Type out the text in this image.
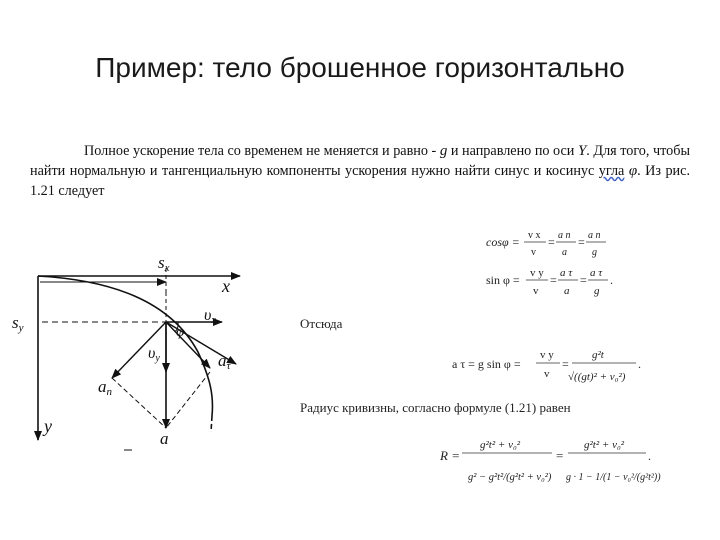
Пример: тело брошенное горизонтально
Полное ускорение тела со временем не меняется и равно - g и направлено по оси Y. Для того, чтобы найти нормальную и тангенциальную компоненты ускорения нужно найти синус и косинус угла φ. Из рис. 1.21 следует
sx
x
sy	φ
υx
υy	aτ
an
y
a
cosφ = v x
v
= a n
a
= a n
g
sin φ = v y
v
= a τ
a
= a τ
g
.
Отсюда
a τ = g sin φ =
v y
v
=
g²t
√((gt)² + v₀²)
.
Радиус кривизны, согласно формуле (1.21) равен
R =
g²t² + v₀²
g² − g²t²/(g²t² + v₀²)
=
g²t² + v₀²
g · 1 − 1/(1 − v₀²/(g²t²))
.
